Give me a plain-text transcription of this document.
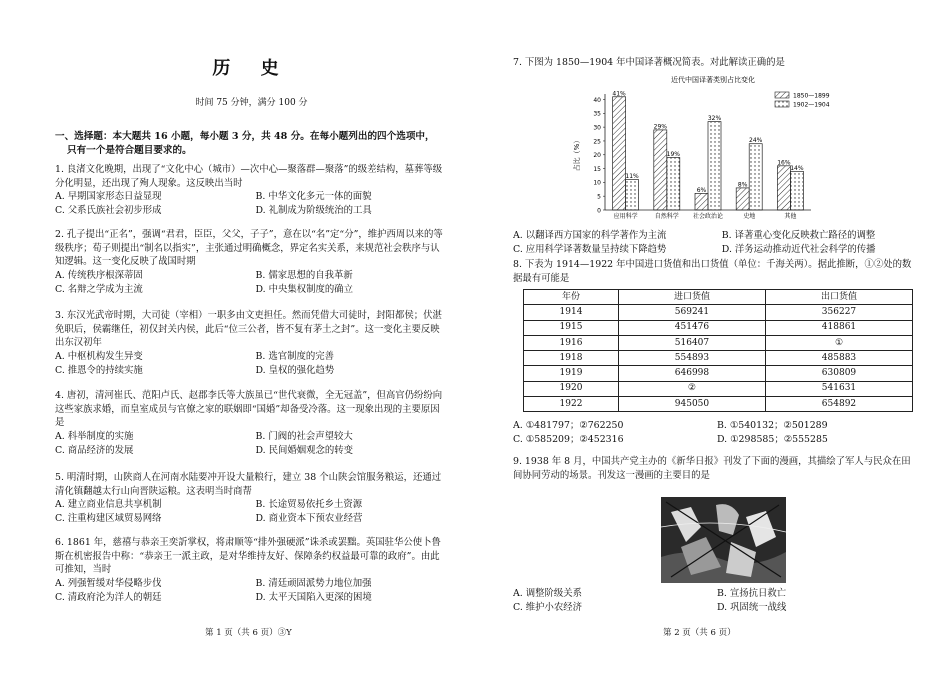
历 史
时间 75 分钟，满分 100 分
一、选择题：本大题共 16 小题，每小题 3 分，共 48 分。在每小题列出的四个选项中，
只有一个是符合题目要求的。
1. 良渚文化晚期，出现了“文化中心（城市）—次中心—聚落群—聚落”的级差结构，墓葬等级分化明显，还出现了殉人现象。这反映出当时
A. 早期国家形态日益显现	B. 中华文化多元一体的面貌
C. 父系氏族社会初步形成	D. 礼制成为阶级统治的工具
2. 孔子提出“正名”，强调“君君，臣臣，父父，子子”，意在以“名”定“分”，维护西周以来的等级秩序；荀子则提出“制名以指实”，主张通过明确概念，界定名实关系，来规范社会秩序与认知逻辑。这一变化反映了战国时期
A. 传统秩序根深蒂固	B. 儒家思想的自我革新
C. 名辩之学成为主流	D. 中央集权制度的确立
3. 东汉光武帝时期，大司徒（宰相）一职多由文吏担任。然而凭借大司徒时，封阳都侯；伏湛免职后，侯霸继任，初仅封关内侯，此后“位三公者，皆不复有茅土之封”。这一变化主要反映出东汉初年
A. 中枢机构发生异变	B. 选官制度的完善
C. 推恩令的持续实施	D. 皇权的强化趋势
4. 唐初，清河崔氏、范阳卢氏、赵郡李氏等大族虽已“世代衰微，全无冠盖”，但高官仍纷纷向这些家族求婚，而皇室成员与官僚之家的联姻即“国婚”却备受冷落。这一现象出现的主要原因是
A. 科举制度的实施	B. 门阀的社会声望较大
C. 商品经济的发展	D. 民间婚姻观念的转变
5. 明清时期，山陕商人在河南水陆要冲开设大量粮行，建立 38 个山陕会馆服务粮运，还通过清化镇翻越太行山向晋陕运粮。这表明当时商帮
A. 建立商业信息共享机制	B. 长途贸易依托乡土资源
C. 注重构建区域贸易网络	D. 商业资本下预农业经营
6. 1861 年，慈禧与恭亲王奕訢掌权，将肃顺等“排外强硬派”诛杀或罢黜。英国驻华公使卜鲁斯在机密报告中称：“恭亲王一派主政，是对华维持友好、保障条约权益最可靠的政府”。由此可推知，当时
A. 列强暂缓对华侵略步伐	B. 清廷顽固派势力地位加强
C. 清政府沦为洋人的朝廷	D. 太平天国陷入更深的困境
第 1 页（共 6 页）③Y
7. 下图为 1850—1904 年中国译著概况简表。对此解读正确的是
近代中国译著类别占比变化
占比（%）
0
5
10
15
20
25
30
35
40
41%
11%
应用科学
29%
19%
自然科学
6%
32%
社会政治论
8%
24%
史地
16%
14%
其他
1850—1899
1902—1904
A. 以翻译西方国家的科学著作为主流	B. 译著重心变化反映救亡路径的调整
C. 应用科学译著数量呈持续下降趋势	D. 洋务运动推动近代社会科学的传播
8. 下表为 1914—1922 年中国进口货值和出口货值（单位：千海关两）。据此推断，①②处的数据最有可能是
年份	进口货值	出口货值
1914	569241	356227
1915	451476	418861
1916	516407	①
1918	554893	485883
1919	646998	630809
1920	②	541631
1922	945050	654892
A. ①481797；②762250	B. ①540132；②501289
C. ①585209；②452316	D. ①298585；②555285
9. 1938 年 8 月，中国共产党主办的《新华日报》刊发了下面的漫画，其描绘了军人与民众在田间协同劳动的场景。刊发这一漫画的主要目的是
A. 调整阶级关系	B. 宣扬抗日救亡
C. 维护小农经济	D. 巩固统一战线
第 2 页（共 6 页）
